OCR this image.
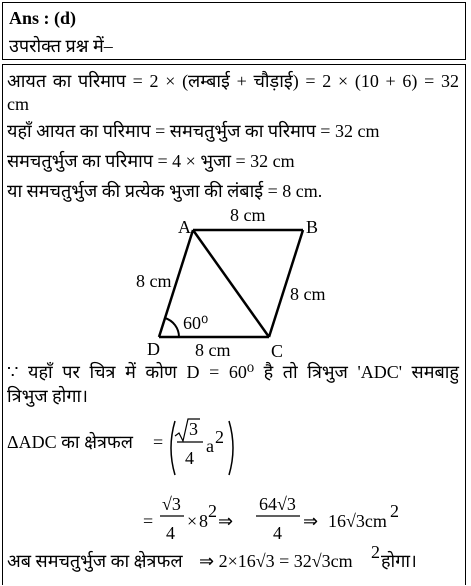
Ans : (d)
उपरोक्त प्रश्न में–
आयत का परिमाप = 2 × (लम्बाई + चौड़ाई) = 2 × (10 + 6) = 32
cm
यहाँ आयत का परिमाप = समचतुर्भुज का परिमाप = 32 cm
समचतुर्भुज का परिमाप = 4 × भुजा = 32 cm
या समचतुर्भुज की प्रत्येक भुजा की लंबाई = 8 cm.
A	B
C
D
8 cm
8 cm
8 cm
8 cm
60⁰
∵ यहाँ पर चित्र में कोण D = 60⁰ है तो त्रिभुज 'ADC' समबाहु
त्रिभुज होगा।
ΔADC का क्षेत्रफल =
3
4
a 2
=
√3
4
× 8 2 ⇒
64√3
4
⇒ 16√3cm 2
अब समचतुर्भुज का क्षेत्रफल ⇒ 2×16√3 = 32√3cm 2 होगा।
